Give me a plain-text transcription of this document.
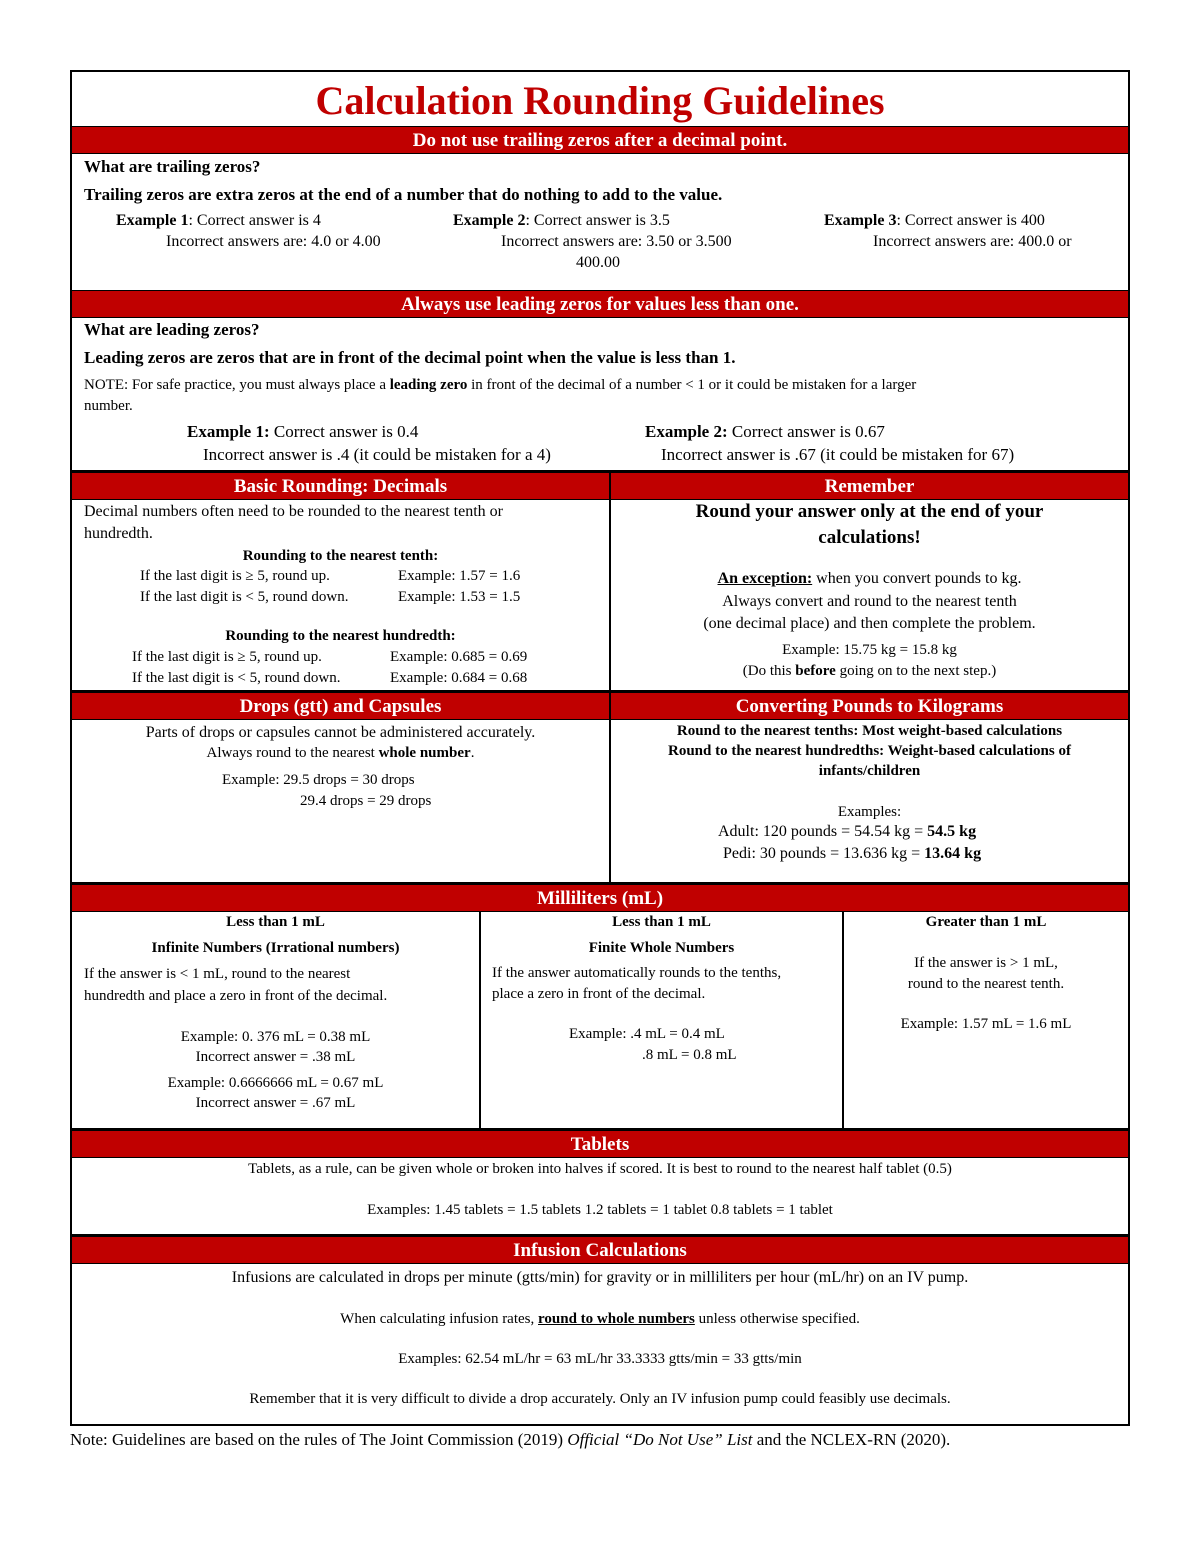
Calculation Rounding Guidelines
Do not use trailing zeros after a decimal point.
What are trailing zeros?
Trailing zeros are extra zeros at the end of a number that do nothing to add to the value.
Example 1: Correct answer is 4
Incorrect answers are: 4.0 or 4.00
Example 2: Correct answer is 3.5
Incorrect answers are: 3.50 or 3.500
Example 3: Correct answer is 400
Incorrect answers are: 400.0 or
400.00
Always use leading zeros for values less than one.
What are leading zeros?
Leading zeros are zeros that are in front of the decimal point when the value is less than 1.
NOTE: For safe practice, you must always place a leading zero in front of the decimal of a number < 1 or it could be mistaken for a larger
number.
Example 1: Correct answer is 0.4
Incorrect answer is .4 (it could be mistaken for a 4)
Example 2: Correct answer is 0.67
Incorrect answer is .67 (it could be mistaken for 67)
Basic Rounding: Decimals	Remember
Decimal numbers often need to be rounded to the nearest tenth or
hundredth.
Rounding to the nearest tenth:
If the last digit is ≥ 5, round up.	Example: 1.57 = 1.6
If the last digit is < 5, round down.	Example: 1.53 = 1.5
Rounding to the nearest hundredth:
If the last digit is ≥ 5, round up.	Example: 0.685 = 0.69
If the last digit is < 5, round down.	Example: 0.684 = 0.68
Round your answer only at the end of your
calculations!
An exception: when you convert pounds to kg.
Always convert and round to the nearest tenth
(one decimal place) and then complete the problem.
Example: 15.75 kg = 15.8 kg
(Do this before going on to the next step.)
Drops (gtt) and Capsules	Converting Pounds to Kilograms
Parts of drops or capsules cannot be administered accurately.
Always round to the nearest whole number.
Example: 29.5 drops = 30 drops
29.4 drops = 29 drops
Round to the nearest tenths: Most weight-based calculations
Round to the nearest hundredths: Weight-based calculations of
infants/children
Examples:
Adult: 120 pounds = 54.54 kg = 54.5 kg
Pedi: 30 pounds = 13.636 kg = 13.64 kg
Milliliters (mL)
Less than 1 mL
Infinite Numbers (Irrational numbers)
If the answer is < 1 mL, round to the nearest
hundredth and place a zero in front of the decimal.
Example: 0. 376 mL = 0.38 mL
Incorrect answer = .38 mL
Example: 0.6666666 mL = 0.67 mL
Incorrect answer = .67 mL
Less than 1 mL
Finite Whole Numbers
If the answer automatically rounds to the tenths,
place a zero in front of the decimal.
Example: .4 mL = 0.4 mL
.8 mL = 0.8 mL
Greater than 1 mL
If the answer is > 1 mL,
round to the nearest tenth.
Example: 1.57 mL = 1.6 mL
Tablets
Tablets, as a rule, can be given whole or broken into halves if scored. It is best to round to the nearest half tablet (0.5)
Examples: 1.45 tablets = 1.5 tablets 1.2 tablets = 1 tablet 0.8 tablets = 1 tablet
Infusion Calculations
Infusions are calculated in drops per minute (gtts/min) for gravity or in milliliters per hour (mL/hr) on an IV pump.
When calculating infusion rates, round to whole numbers unless otherwise specified.
Examples: 62.54 mL/hr = 63 mL/hr 33.3333 gtts/min = 33 gtts/min
Remember that it is very difficult to divide a drop accurately. Only an IV infusion pump could feasibly use decimals.
Note: Guidelines are based on the rules of The Joint Commission (2019) Official “Do Not Use” List and the NCLEX-RN (2020).
